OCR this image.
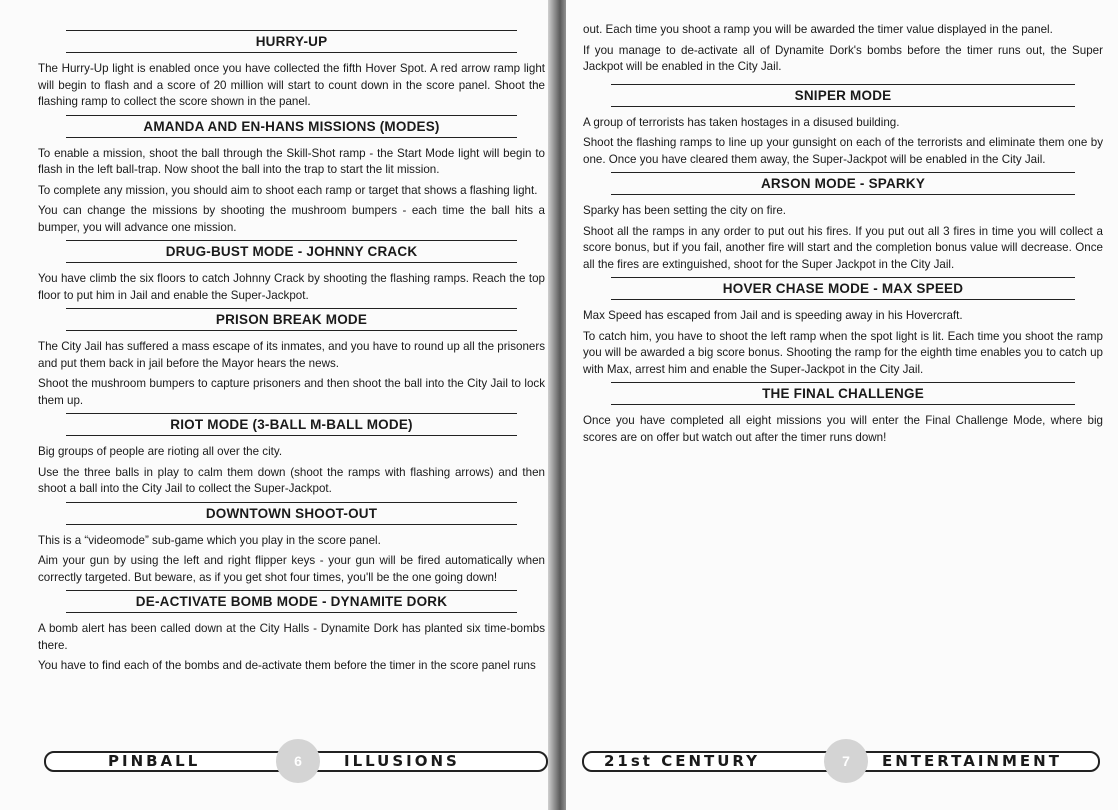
HURRY-UP

The Hurry-Up light is enabled once you have collected the fifth Hover Spot. A red arrow ramp light will begin to flash and a score of 20 million will start to count down in the score panel. Shoot the flashing ramp to collect the score shown in the panel.

AMANDA AND EN-HANS MISSIONS (MODES)

To enable a mission, shoot the ball through the Skill-Shot ramp - the Start Mode light will begin to flash in the left ball-trap. Now shoot the ball into the trap to start the lit mission.

To complete any mission, you should aim to shoot each ramp or target that shows a flashing light.

You can change the missions by shooting the mushroom bumpers - each time the ball hits a bumper, you will advance one mission.

DRUG-BUST MODE - JOHNNY CRACK

You have climb the six floors to catch Johnny Crack by shooting the flashing ramps. Reach the top floor to put him in Jail and enable the Super-Jackpot.

PRISON BREAK MODE

The City Jail has suffered a mass escape of its inmates, and you have to round up all the prisoners and put them back in jail before the Mayor hears the news.

Shoot the mushroom bumpers to capture prisoners and then shoot the ball into the City Jail to lock them up.

RIOT MODE (3-BALL M-BALL MODE)

Big groups of people are rioting all over the city.

Use the three balls in play to calm them down (shoot the ramps with flashing arrows) and then shoot a ball into the City Jail to collect the Super-Jackpot.

DOWNTOWN SHOOT-OUT

This is a “videomode” sub-game which you play in the score panel.

Aim your gun by using the left and right flipper keys - your gun will be fired automatically when correctly targeted. But beware, as if you get shot four times, you'll be the one going down!

DE-ACTIVATE BOMB MODE - DYNAMITE DORK

A bomb alert has been called down at the City Halls - Dynamite Dork has planted six time-bombs there.

You have to find each of the bombs and de-activate them before the timer in the score panel runs

PINBALL	6	ILLUSIONS

out. Each time you shoot a ramp you will be awarded the timer value displayed in the panel.

If you manage to de-activate all of Dynamite Dork's bombs before the timer runs out, the Super Jackpot will be enabled in the City Jail.

SNIPER MODE

A group of terrorists has taken hostages in a disused building.

Shoot the flashing ramps to line up your gunsight on each of the terrorists and eliminate them one by one. Once you have cleared them away, the Super-Jackpot will be enabled in the City Jail.

ARSON MODE - SPARKY

Sparky has been setting the city on fire.

Shoot all the ramps in any order to put out his fires. If you put out all 3 fires in time you will collect a score bonus, but if you fail, another fire will start and the completion bonus value will decrease. Once all the fires are extinguished, shoot for the Super Jackpot in the City Jail.

HOVER CHASE MODE - MAX SPEED

Max Speed has escaped from Jail and is speeding away in his Hovercraft.

To catch him, you have to shoot the left ramp when the spot light is lit. Each time you shoot the ramp you will be awarded a big score bonus. Shooting the ramp for the eighth time enables you to catch up with Max, arrest him and enable the Super-Jackpot in the City Jail.

THE FINAL CHALLENGE

Once you have completed all eight missions you will enter the Final Challenge Mode, where big scores are on offer but watch out after the timer runs down!

21st CENTURY	7	ENTERTAINMENT
